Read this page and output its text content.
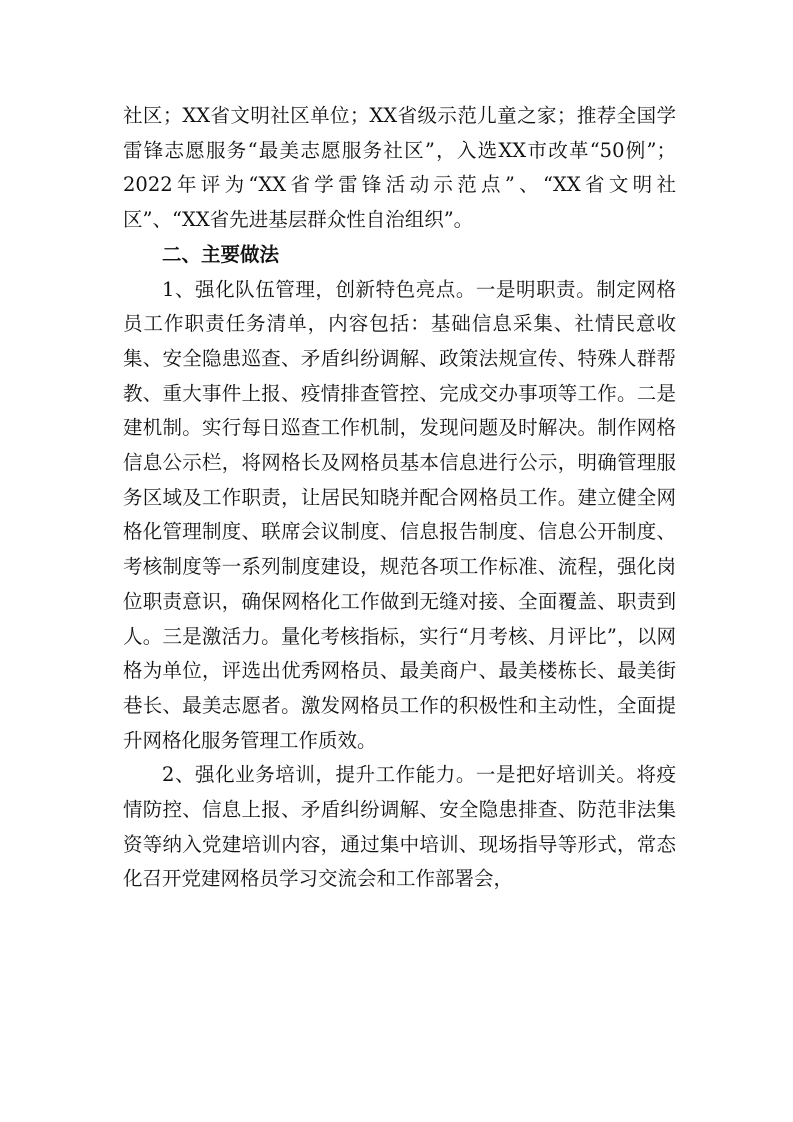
社区；XX省文明社区单位；XX省级示范儿童之家；推荐全国学雷锋志愿服务“最美志愿服务社区”，入选XX市改革“50例”；2022年评为“XX省学雷锋活动示范点”、“XX省文明社区”、“XX省先进基层群众性自治组织”。

二、主要做法

1、强化队伍管理，创新特色亮点。一是明职责。制定网格员工作职责任务清单，内容包括：基础信息采集、社情民意收集、安全隐患巡查、矛盾纠纷调解、政策法规宣传、特殊人群帮教、重大事件上报、疫情排查管控、完成交办事项等工作。二是建机制。实行每日巡查工作机制，发现问题及时解决。制作网格信息公示栏，将网格长及网格员基本信息进行公示，明确管理服务区域及工作职责，让居民知晓并配合网格员工作。建立健全网格化管理制度、联席会议制度、信息报告制度、信息公开制度、考核制度等一系列制度建设，规范各项工作标准、流程，强化岗位职责意识，确保网格化工作做到无缝对接、全面覆盖、职责到人。三是激活力。量化考核指标，实行“月考核、月评比”，以网格为单位，评选出优秀网格员、最美商户、最美楼栋长、最美街巷长、最美志愿者。激发网格员工作的积极性和主动性，全面提升网格化服务管理工作质效。

2、强化业务培训，提升工作能力。一是把好培训关。将疫情防控、信息上报、矛盾纠纷调解、安全隐患排查、防范非法集资等纳入党建培训内容，通过集中培训、现场指导等形式，常态化召开党建网格员学习交流会和工作部署会，
